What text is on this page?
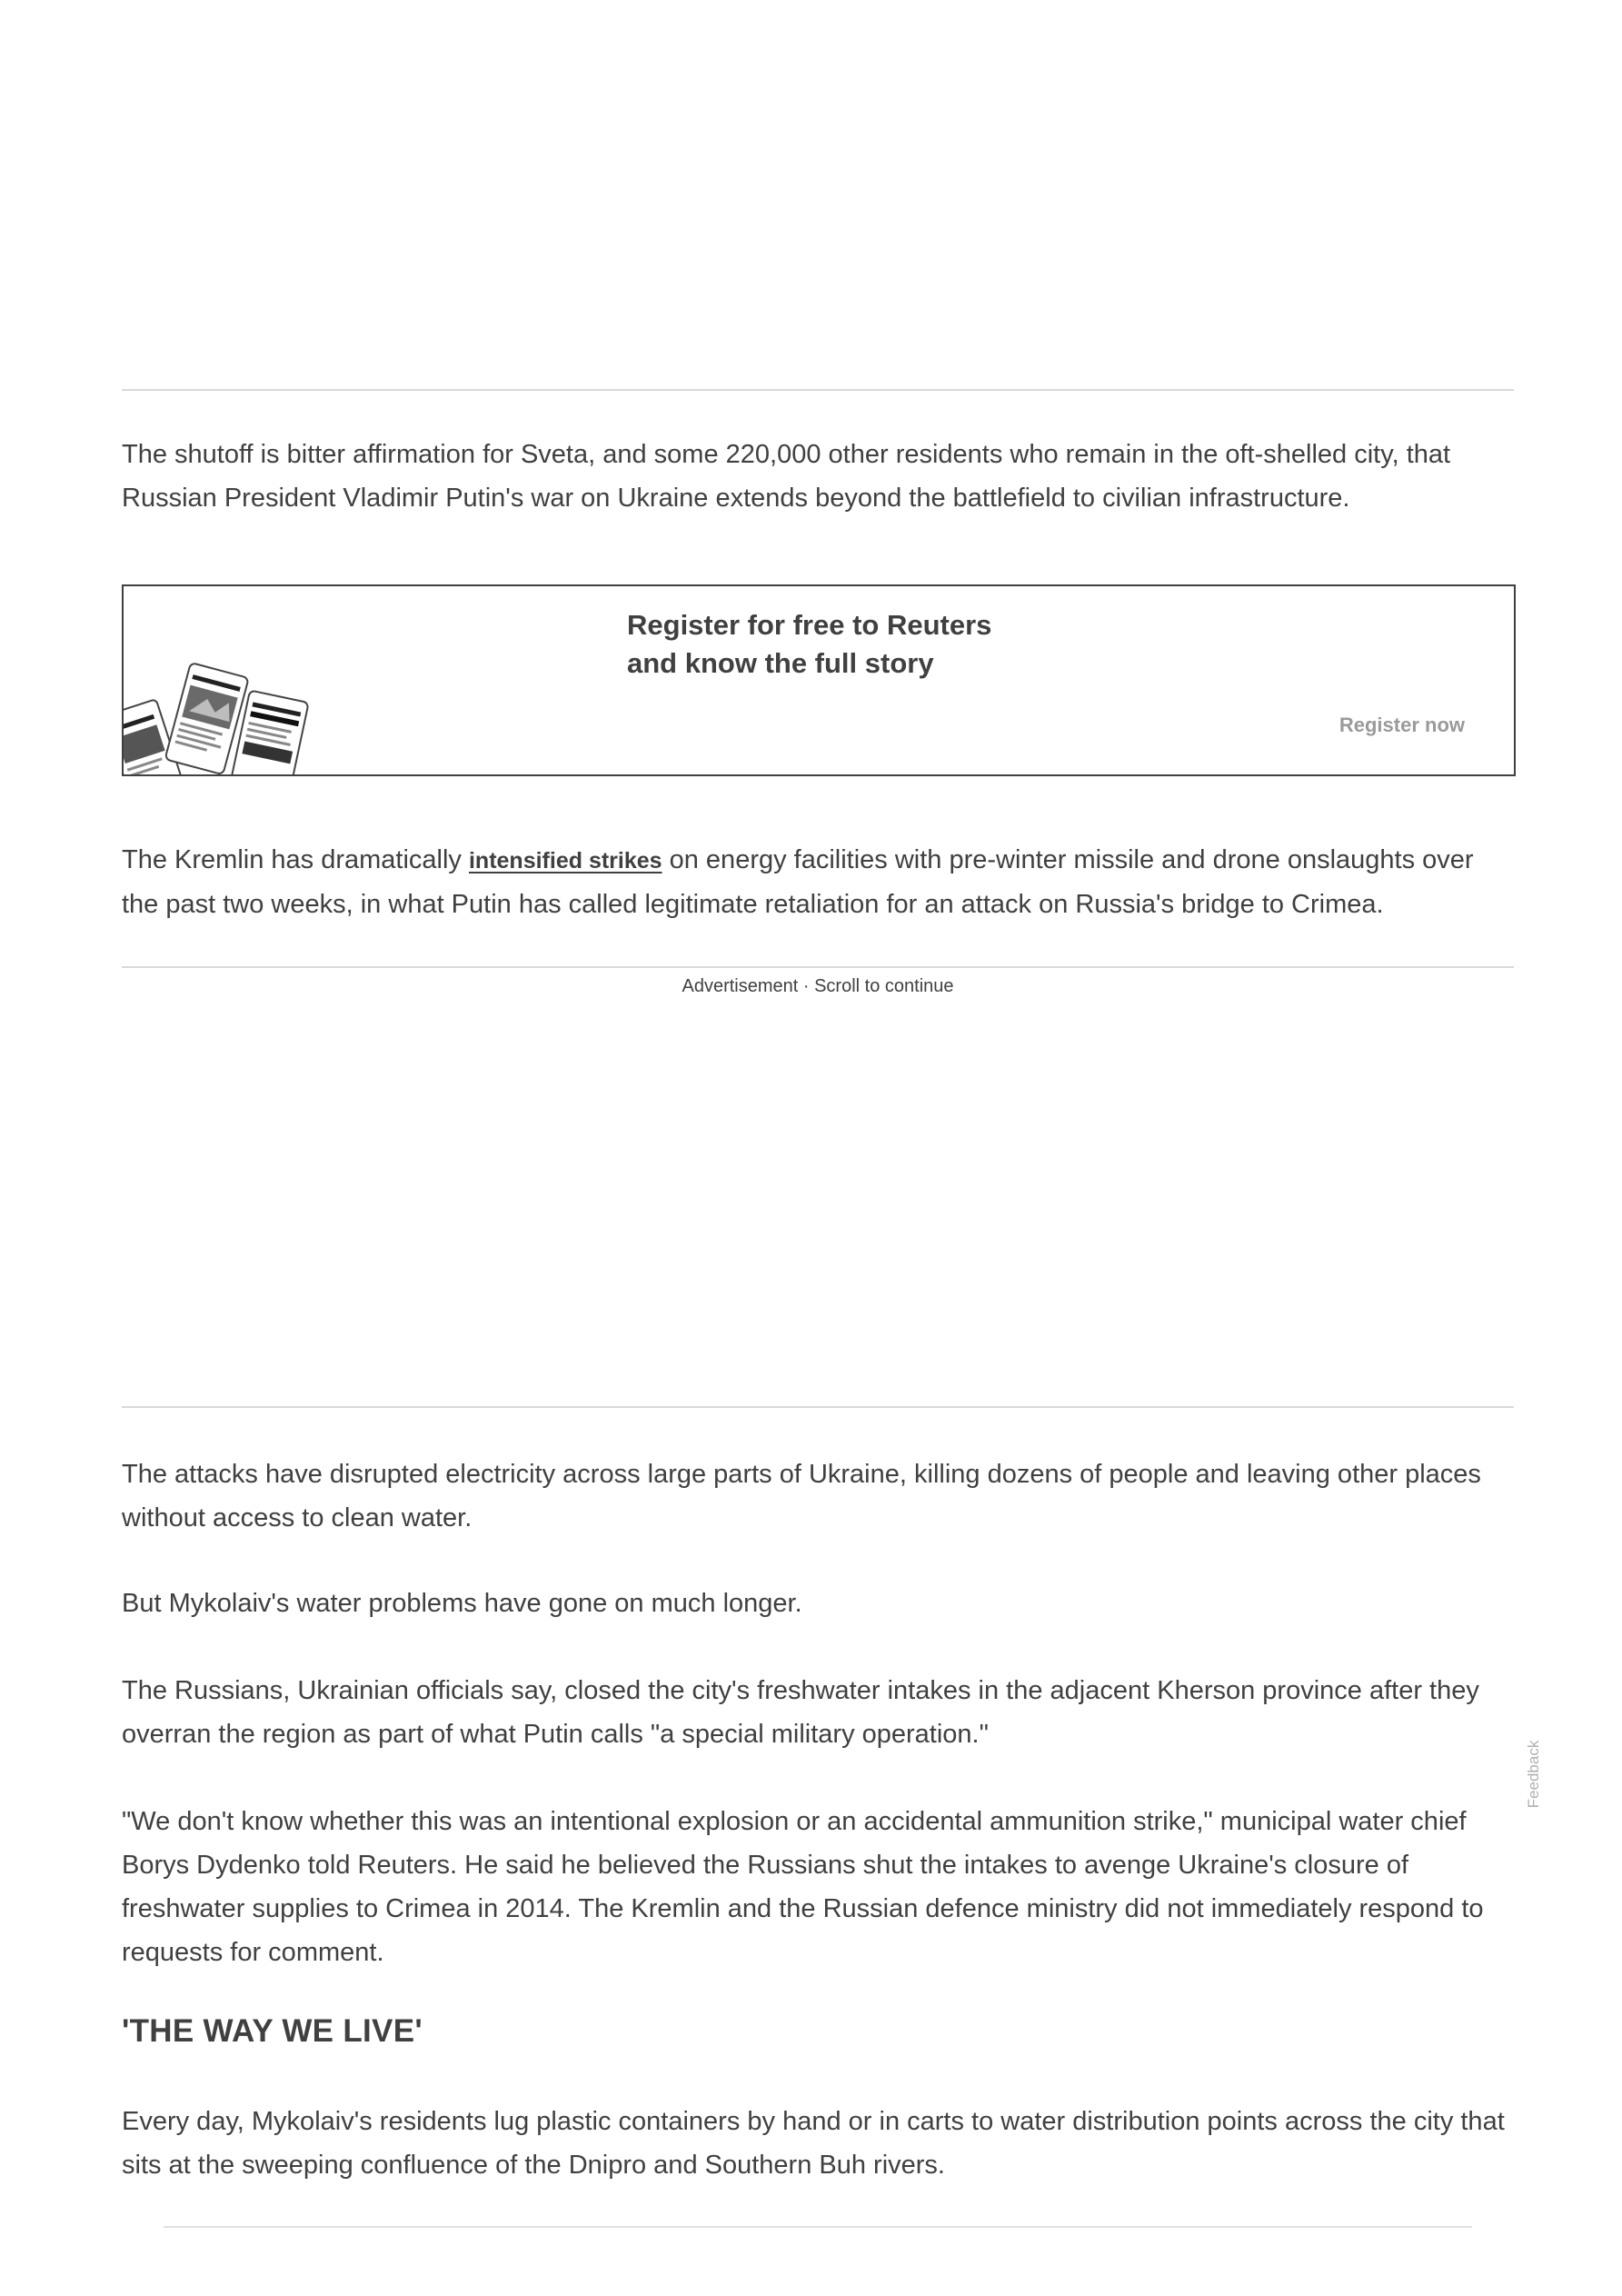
The shutoff is bitter affirmation for Sveta, and some 220,000 other residents who remain in the oft-shelled city, that Russian President Vladimir Putin's war on Ukraine extends beyond the battlefield to civilian infrastructure.

Register for free to Reuters
and know the full story
Register now

The Kremlin has dramatically intensified strikes on energy facilities with pre-winter missile and drone onslaughts over the past two weeks, in what Putin has called legitimate retaliation for an attack on Russia's bridge to Crimea.

Advertisement · Scroll to continue

The attacks have disrupted electricity across large parts of Ukraine, killing dozens of people and leaving other places without access to clean water.

But Mykolaiv's water problems have gone on much longer.

The Russians, Ukrainian officials say, closed the city's freshwater intakes in the adjacent Kherson province after they overran the region as part of what Putin calls "a special military operation."

"We don't know whether this was an intentional explosion or an accidental ammunition strike," municipal water chief Borys Dydenko told Reuters. He said he believed the Russians shut the intakes to avenge Ukraine's closure of freshwater supplies to Crimea in 2014. The Kremlin and the Russian defence ministry did not immediately respond to requests for comment.

'THE WAY WE LIVE'

Every day, Mykolaiv's residents lug plastic containers by hand or in carts to water distribution points across the city that sits at the sweeping confluence of the Dnipro and Southern Buh rivers.

Feedback
